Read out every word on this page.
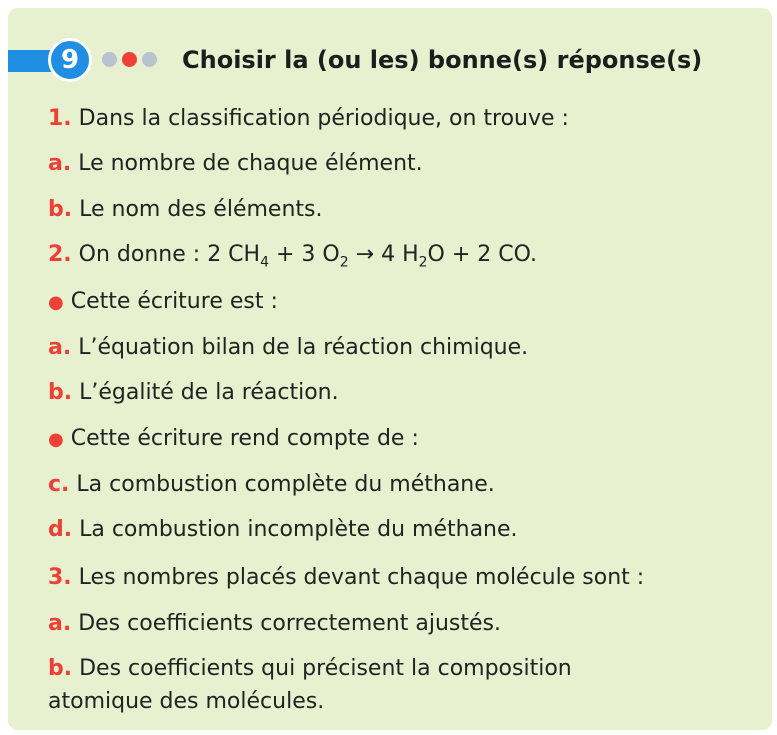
9	Choisir la (ou les) bonne(s) réponse(s)
1. Dans la classification périodique, on trouve :
a. Le nombre de chaque élément.
b. Le nom des éléments.
2. On donne : 2 $CH_4 + 3$ $O_2 \to 4$ $H_2O + 2$ CO.
● Cette écriture est :
a. L’équation bilan de la réaction chimique.
b. L’égalité de la réaction.
● Cette écriture rend compte de :
c. La combustion complète du méthane.
d. La combustion incomplète du méthane.
3. Les nombres placés devant chaque molécule sont :
a. Des coefficients correctement ajustés.
b. Des coefficients qui précisent la composition
atomique des molécules.
